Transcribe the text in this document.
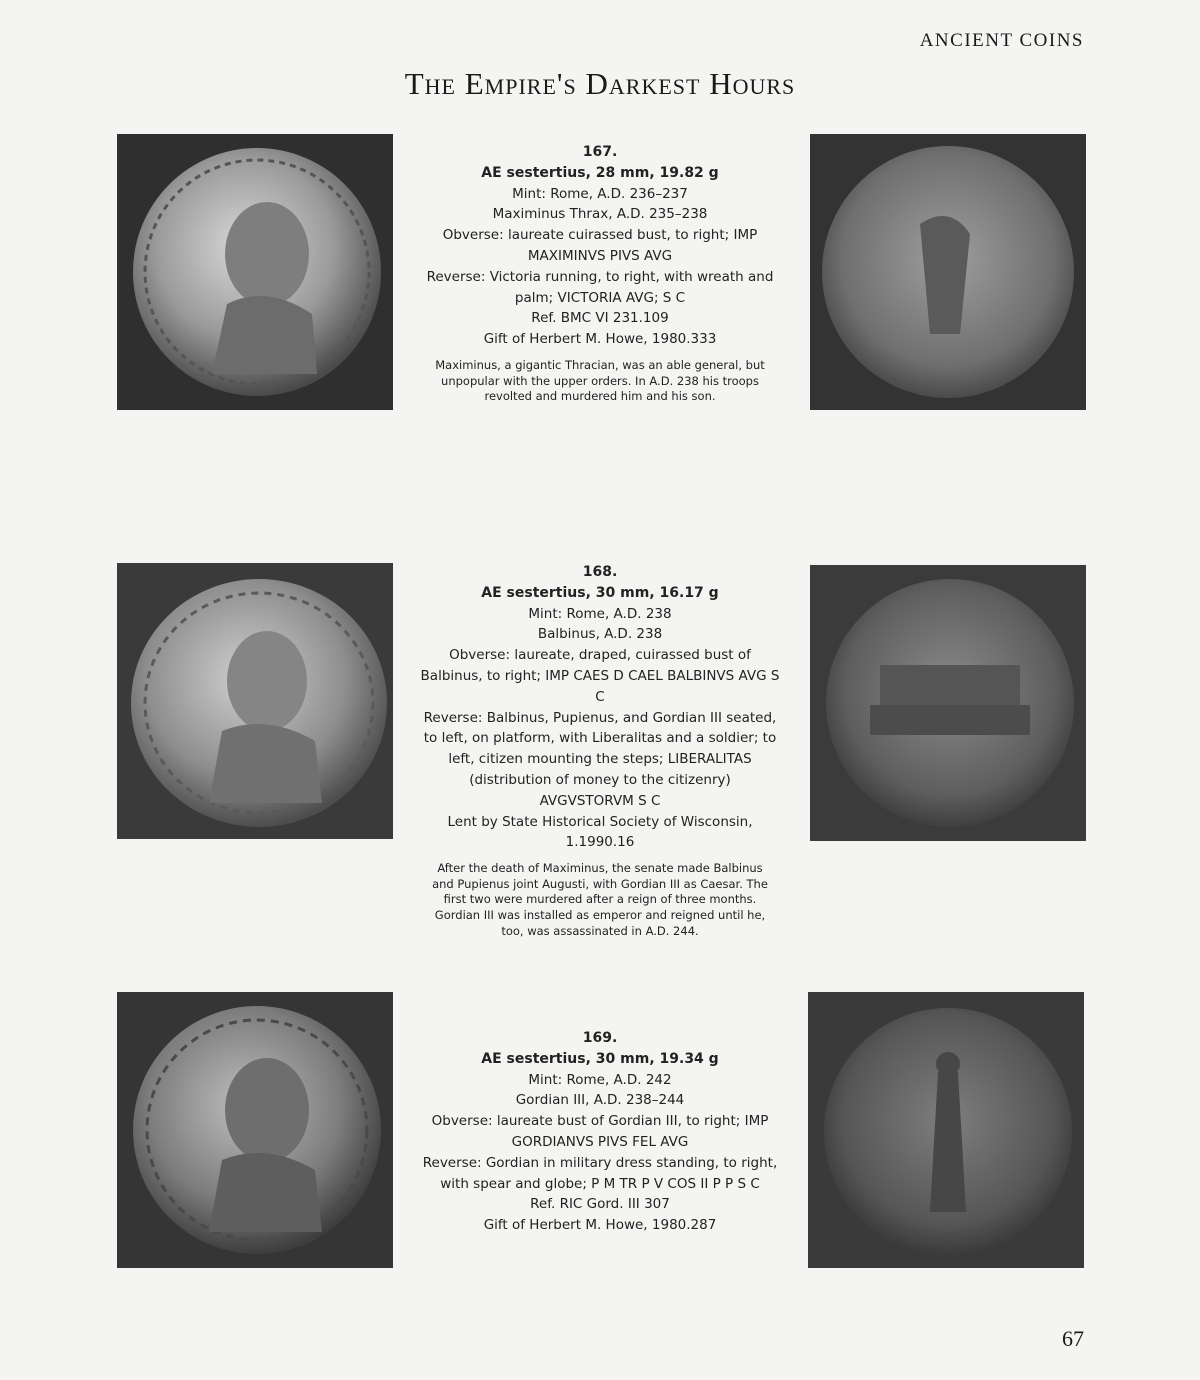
ANCIENT COINS
The Empire's Darkest Hours
167.
AE sestertius, 28 mm, 19.82 g
Mint: Rome, A.D. 236–237
Maximinus Thrax, A.D. 235–238
Obverse: laureate cuirassed bust, to right; IMP MAXIMINVS PIVS AVG
Reverse: Victoria running, to right, with wreath and palm; VICTORIA AVG; S C
Ref. BMC VI 231.109
Gift of Herbert M. Howe, 1980.333
Maximinus, a gigantic Thracian, was an able general, but unpopular with the upper orders. In A.D. 238 his troops revolted and murdered him and his son.
168.
AE sestertius, 30 mm, 16.17 g
Mint: Rome, A.D. 238
Balbinus, A.D. 238
Obverse: laureate, draped, cuirassed bust of Balbinus, to right; IMP CAES D CAEL BALBINVS AVG S C
Reverse: Balbinus, Pupienus, and Gordian III seated, to left, on platform, with Liberalitas and a soldier; to left, citizen mounting the steps; LIBERALITAS (distribution of money to the citizenry) AVGVSTORVM S C
Lent by State Historical Society of Wisconsin, 1.1990.16
After the death of Maximinus, the senate made Balbinus and Pupienus joint Augusti, with Gordian III as Caesar. The first two were murdered after a reign of three months. Gordian III was installed as emperor and reigned until he, too, was assassinated in A.D. 244.
169.
AE sestertius, 30 mm, 19.34 g
Mint: Rome, A.D. 242
Gordian III, A.D. 238–244
Obverse: laureate bust of Gordian III, to right; IMP GORDIANVS PIVS FEL AVG
Reverse: Gordian in military dress standing, to right, with spear and globe; P M TR P V COS II P P S C
Ref. RIC Gord. III 307
Gift of Herbert M. Howe, 1980.287
67
